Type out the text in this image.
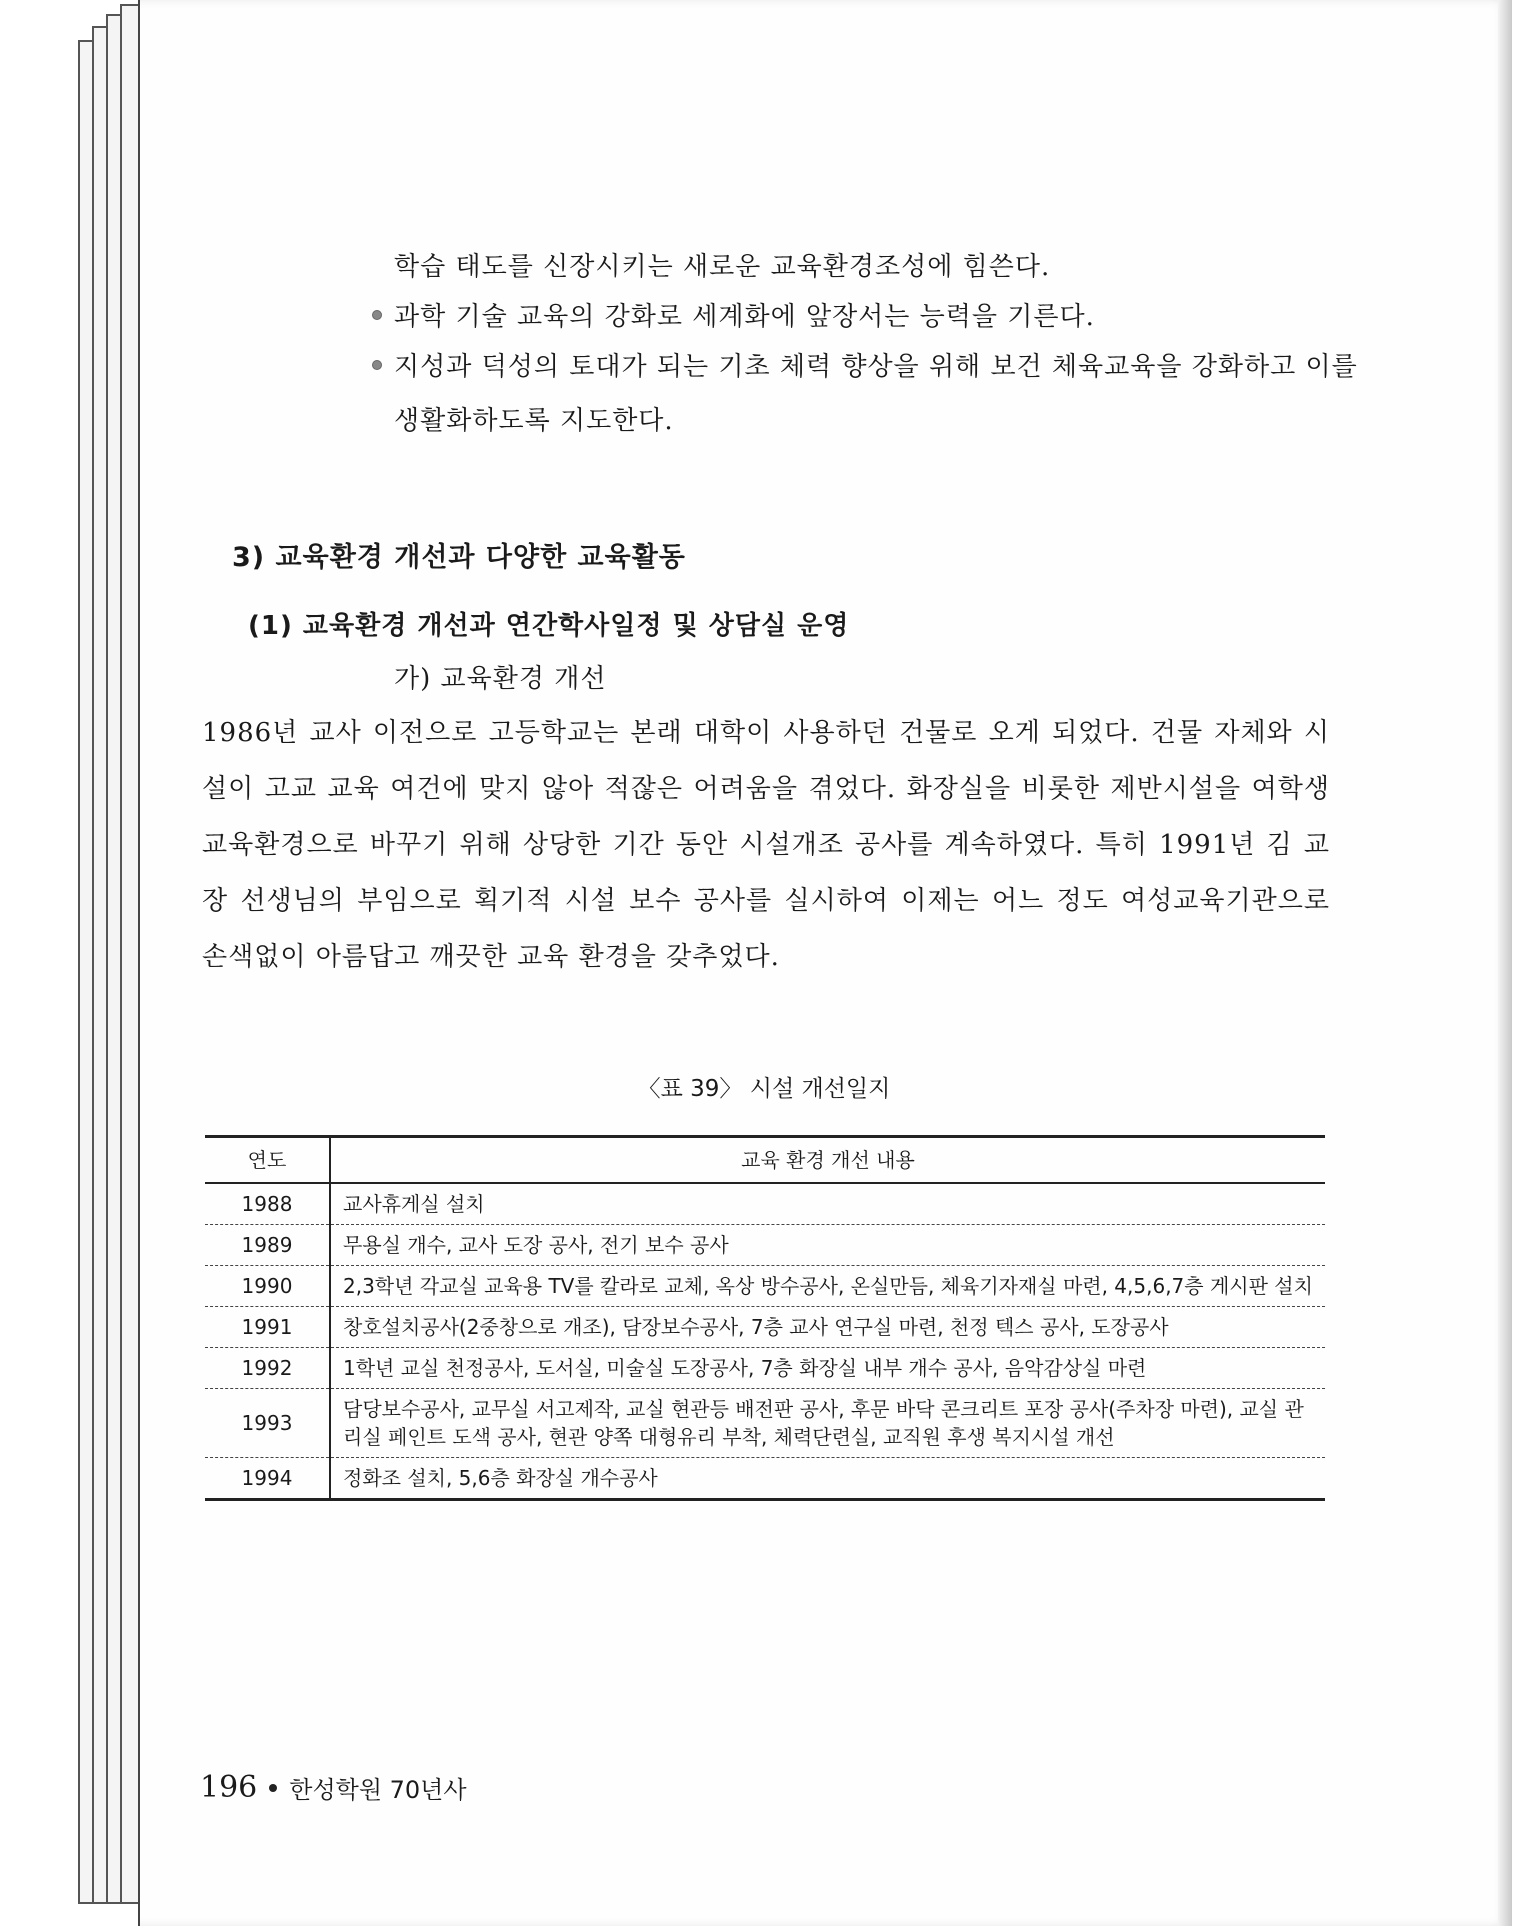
학습 태도를 신장시키는 새로운 교육환경조성에 힘쓴다.
과학 기술 교육의 강화로 세계화에 앞장서는 능력을 기른다.
지성과 덕성의 토대가 되는 기초 체력 향상을 위해 보건 체육교육을 강화하고 이를
생활화하도록 지도한다.
3) 교육환경 개선과 다양한 교육활동
(1) 교육환경 개선과 연간학사일정 및 상담실 운영
가) 교육환경 개선
1986년 교사 이전으로 고등학교는 본래 대학이 사용하던 건물로 오게 되었다. 건물 자체와 시설이 고교 교육 여건에 맞지 않아 적잖은 어려움을 겪었다. 화장실을 비롯한 제반시설을 여학생 교육환경으로 바꾸기 위해 상당한 기간 동안 시설개조 공사를 계속하였다. 특히 1991년 김 교장 선생님의 부임으로 획기적 시설 보수 공사를 실시하여 이제는 어느 정도 여성교육기관으로 손색없이 아름답고 깨끗한 교육 환경을 갖추었다.
〈표 39〉 시설 개선일지
연도	교육 환경 개선 내용
1988	교사휴게실 설치
1989	무용실 개수, 교사 도장 공사, 전기 보수 공사
1990	2,3학년 각교실 교육용 TV를 칼라로 교체, 옥상 방수공사, 온실만듬, 체육기자재실 마련, 4,5,6,7층 게시판 설치
1991	창호설치공사(2중창으로 개조), 담장보수공사, 7층 교사 연구실 마련, 천정 텍스 공사, 도장공사
1992	1학년 교실 천정공사, 도서실, 미술실 도장공사, 7층 화장실 내부 개수 공사, 음악감상실 마련
1993	담당보수공사, 교무실 서고제작, 교실 현관등 배전판 공사, 후문 바닥 콘크리트 포장 공사(주차장 마련), 교실 관리실 페인트 도색 공사, 현관 양쪽 대형유리 부착, 체력단련실, 교직원 후생 복지시설 개선
1994	정화조 설치, 5,6층 화장실 개수공사
196 한성학원 70년사
